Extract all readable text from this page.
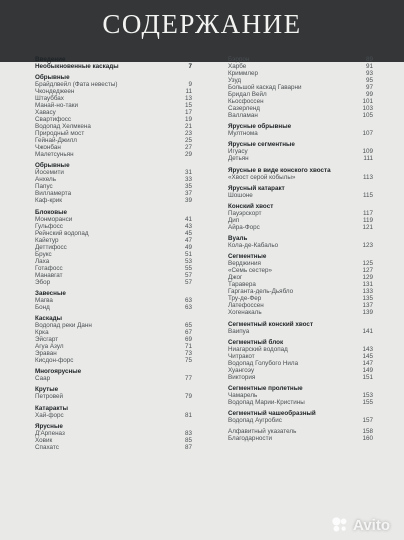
СОДЕРЖАНИЕ
Введение
Необыкновенные каскады	7
Обрывные
Брайдлвейл (Фата невесты)	9
Чкондеджеен	11
Штауббах	13
Манай-но-таки	15
Хавасу	17
Свартифосс	19
Водопад Хелмкена	21
Природный мост	23
Гейнай-Джилл	25
Чжонбан	27
Малетсуньян	29
Обрывные
Йосемити	31
Анхель	33
Папус	35
Вилламерта	37
Каф-крик	39
Блоковые
Монморанси	41
Гульфосс	43
Рейнский водопад	45
Кайетур	47
Деттифосс	49
Брукс	51
Лаха	53
Готафосс	55
Манавгат	57
Эбор	57
Завесные
Магва	63
Бонд	63
Каскады
Водопад реки Данн	65
Крка	67
Эйсгарт	69
Агуа Азул	71
Эраван	73
Кисдон-форс	75
Многоярусные
Саар	77
Крутые
Петровей	79
Катаракты
Хай-форс	81
Ярусные
Д'Арпеназ	83
Ховик	85
Спахатс	87
Бэррон	89
Харбе	91
Криммлер	93
Узуд	95
Большой каскад Гаварни	97
Бридал Вейл	99
Кьосфоссен	101
Сазерленд	103
Валламан	105
Ярусные обрывные
Мултнома	107
Ярусные сегментные
Игуасу	109
Детьян	111
Ярусные в виде конского хвоста
«Хвост серой кобылы»	113
Ярусный катаракт
Шошоне	115
Конский хвост
Пауэрскорт	117
Дип	119
Айра-Форс	121
Вуаль
Кола-де-Кабальо	123
Сегментные
Верджиния	125
«Семь сестер»	127
Джог	129
Таравера	131
Гарганта-дель-Дьябло	133
Тру-де-Фер	135
Латефоссен	137
Хогенакаль	139
Сегментный конский хвост
Ваипуа	141
Сегментный блок
Ниагарский водопад	143
Читракот	145
Водопад Голубого Нила	147
Хуангоэу	149
Виктория	151
Сегментные пролетные
Чамарель	153
Водопад Марии-Кристины	155
Сегментный чашеобразный
Водопад Аугробис	157
Алфавитный указатель	158
Благодарности	160
Avito
